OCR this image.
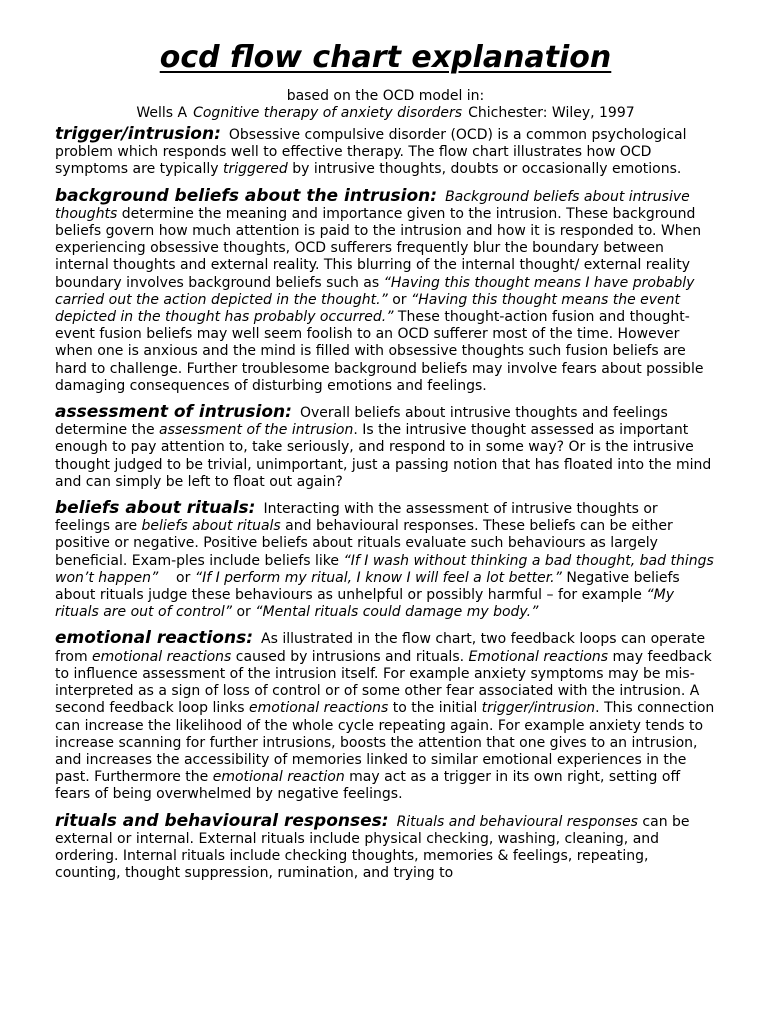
ocd flow chart explanation

based on the OCD model in:

Wells A Cognitive therapy of anxiety disorders Chichester: Wiley, 1997

trigger/intrusion: Obsessive compulsive disorder (OCD) is a common psychological problem which responds well to effective therapy. The flow chart illustrates how OCD symptoms are typically triggered by intrusive thoughts, doubts or occasionally emotions.

background beliefs about the intrusion: Background beliefs about intrusive thoughts determine the meaning and importance given to the intrusion. These background beliefs govern how much attention is paid to the intrusion and how it is responded to. When experiencing obsessive thoughts, OCD sufferers frequently blur the boundary between internal thoughts and external reality. This blurring of the internal thought/ external reality boundary involves background beliefs such as “Having this thought means I have probably carried out the action depicted in the thought.” or “Having this thought means the event depicted in the thought has probably occurred.” These thought-action fusion and thought-event fusion beliefs may well seem foolish to an OCD sufferer most of the time. However when one is anxious and the mind is filled with obsessive thoughts such fusion beliefs are hard to challenge. Further troublesome background beliefs may involve fears about possible damaging consequences of disturbing emotions and feelings.

assessment of intrusion: Overall beliefs about intrusive thoughts and feelings determine the assessment of the intrusion. Is the intrusive thought assessed as important enough to pay attention to, take seriously, and respond to in some way? Or is the intrusive thought judged to be trivial, unimportant, just a passing notion that has floated into the mind and can simply be left to float out again?

beliefs about rituals: Interacting with the assessment of intrusive thoughts or feelings are beliefs about rituals and behavioural responses. These beliefs can be either positive or negative. Positive beliefs about rituals evaluate such behaviours as largely beneficial. Exam-ples include beliefs like “If I wash without thinking a bad thought, bad things won’t happen”    or “If I perform my ritual, I know I will feel a lot better.” Negative beliefs about rituals judge these behaviours as unhelpful or possibly harmful – for example “My rituals are out of control” or “Mental rituals could damage my body.”

emotional reactions: As illustrated in the flow chart, two feedback loops can operate from emotional reactions caused by intrusions and rituals. Emotional reactions may feedback to influence assessment of the intrusion itself. For example anxiety symptoms may be mis-interpreted as a sign of loss of control or of some other fear associated with the intrusion. A second feedback loop links emotional reactions to the initial trigger/intrusion. This connection can increase the likelihood of the whole cycle repeating again. For example anxiety tends to increase scanning for further intrusions, boosts the attention that one gives to an intrusion, and increases the accessibility of memories linked to similar emotional experiences in the past. Furthermore the emotional reaction may act as a trigger in its own right, setting off fears of being overwhelmed by negative feelings.

rituals and behavioural responses: Rituals and behavioural responses can be external or internal. External rituals include physical checking, washing, cleaning, and ordering. Internal rituals include checking thoughts, memories & feelings, repeating, counting, thought suppression, rumination, and trying to
